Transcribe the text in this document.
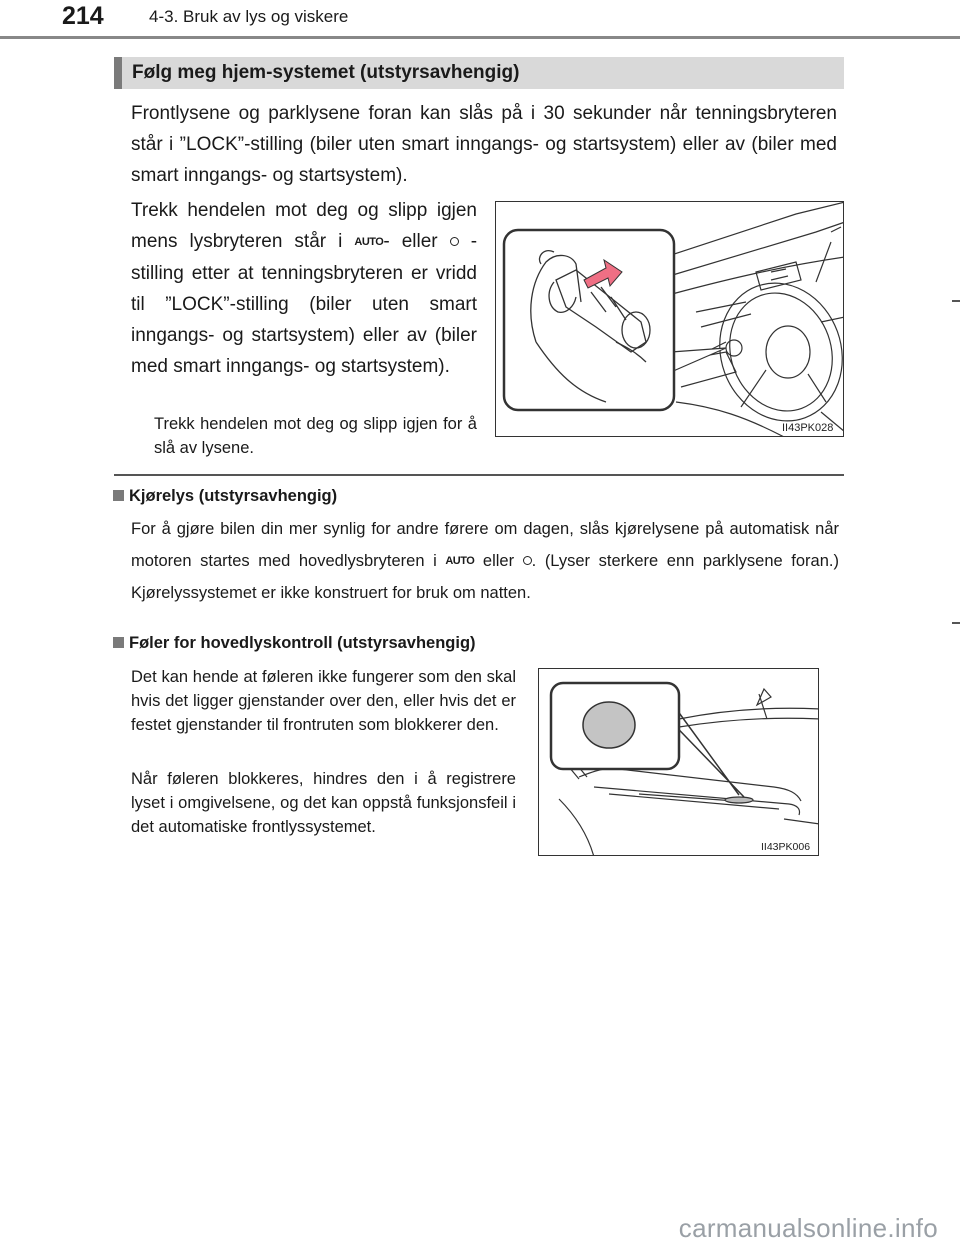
214	4-3. Bruk av lys og viskere
Følg meg hjem-systemet (utstyrsavhengig)
Frontlysene og parklysene foran kan slås på i 30 sekunder når tenningsbryteren står i ”LOCK”-stilling (biler uten smart inngangs- og startsystem) eller av (biler med smart inngangs- og startsystem).
Trekk hendelen mot deg og slipp igjen mens lysbryteren står i AUTO- eller -stilling etter at tenningsbryteren er vridd til ”LOCK”-stilling (biler uten smart inngangs- og startsystem) eller av (biler med smart inngangs- og startsystem).
Trekk hendelen mot deg og slipp igjen for å slå av lysene.
II43PK028
Kjørelys (utstyrsavhengig)
For å gjøre bilen din mer synlig for andre førere om dagen, slås kjørelysene på automatisk når motoren startes med hovedlysbryteren i AUTO eller . (Lyser sterkere enn parklysene foran.) Kjørelyssystemet er ikke konstruert for bruk om natten.
Føler for hovedlyskontroll (utstyrsavhengig)
Det kan hende at føleren ikke fungerer som den skal hvis det ligger gjenstander over den, eller hvis det er festet gjenstander til frontruten som blokkerer den.
Når føleren blokkeres, hindres den i å registrere lyset i omgivelsene, og det kan oppstå funksjonsfeil i det automatiske frontlyssystemet.
II43PK006
carmanualsonline.info
